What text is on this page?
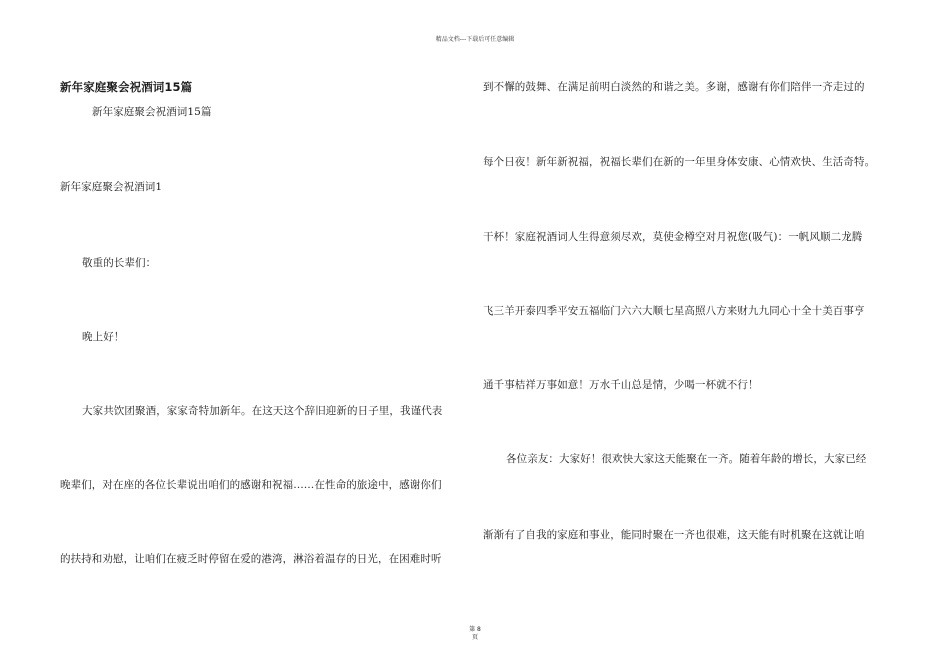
精品文档---下载后可任意编辑
新年家庭聚会祝酒词15篇
新年家庭聚会祝酒词15篇
新年家庭聚会祝酒词1
敬重的长辈们：
晚上好！
大家共饮团聚酒，家家奇特加新年。在这天这个辞旧迎新的日子里，我谨代表
晚辈们，对在座的各位长辈说出咱们的感谢和祝福……在性命的旅途中，感谢你们
的扶持和劝慰，让咱们在疲乏时停留在爱的港湾，淋浴着温存的日光，在困难时听
到不懈的鼓舞、在满足前明白淡然的和谐之美。多谢，感谢有你们陪伴一齐走过的
每个日夜！新年新祝福，祝福长辈们在新的一年里身体安康、心情欢快、生活奇特。
干杯！家庭祝酒词人生得意须尽欢，莫使金樽空对月祝您(吸气)：一帆风顺二龙腾
飞三羊开泰四季平安五福临门六六大顺七星高照八方来财九九同心十全十美百事亨
通千事桔祥万事如意！万水千山总是情，少喝一杯就不行！
各位亲友：大家好！很欢快大家这天能聚在一齐。随着年龄的增长，大家已经
渐渐有了自我的家庭和事业，能同时聚在一齐也很难，这天能有时机聚在这就让咱
第 8
页
